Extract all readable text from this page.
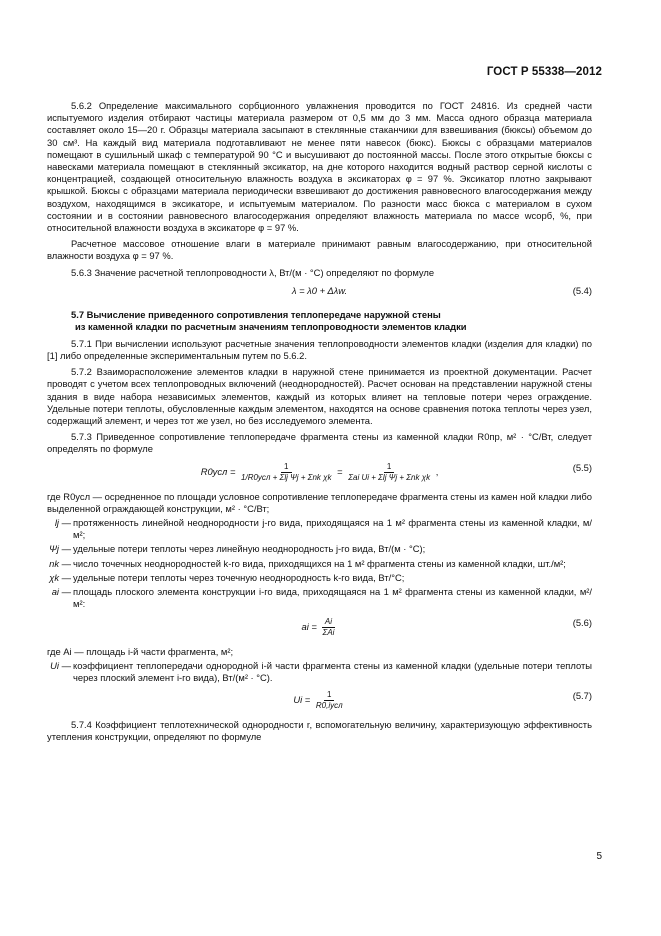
ГОСТ Р 55338—2012

5.6.2 Определение максимального сорбционного увлажнения проводится по ГОСТ 24816. Из средней части испытуемого изделия отбирают частицы материала размером от 0,5 мм до 3 мм. Масса одного образца материала составляет около 15—20 г. Образцы материала засыпают в стеклянные стаканчики для взвешивания (бюксы) объемом до 30 см³. На каждый вид материала подготавливают не менее пяти навесок (бюкс). Бюксы с образцами материалов помещают в сушильный шкаф с температурой 90 °С и высушивают до постоянной массы. После этого открытые бюксы с навесками материала помещают в стеклянный эксикатор, на дне которого находится водный раствор серной кислоты с концентрацией, создающей относительную влажность воздуха в эксикаторах φ = 97 %. Эксикатор плотно закрывают крышкой. Бюксы с образцами материала периодически взвешивают до достижения равновесного влагосодержания между воздухом, находящимся в эксикаторе, и испытуемым материалом. По разности масс бюкса с материалом в сухом состоянии и в состоянии равновесного влагосодержания определяют влажность материала по массе wсорб, %, при относительной влажности воздуха в эксикаторе φ = 97 %.

Расчетное массовое отношение влаги в материале принимают равным влагосодержанию, при относительной влажности воздуха φ = 97 %.

5.6.3 Значение расчетной теплопроводности λ, Вт/(м · °С) определяют по формуле

λ = λ0 + Δλw.	(5.4)
5.7 Вычисление приведенного сопротивления теплопередаче наружной стены
из каменной кладки по расчетным значениям теплопроводности элементов кладки

5.7.1 При вычислении используют расчетные значения теплопроводности элементов кладки (изделия для кладки) по [1] либо определенные экспериментальным путем по 5.6.2.

5.7.2 Взаиморасположение элементов кладки в наружной стене принимается из проектной документации. Расчет проводят с учетом всех теплопроводных включений (неоднородностей). Расчет основан на представлении наружной стены здания в виде набора независимых элементов, каждый из которых влияет на тепловые потери через ограждение. Удельные потери теплоты, обусловленные каждым элементом, находятся на основе сравнения потока теплоты через узел, содержащий элемент, и через тот же узел, но без исследуемого элемента.

5.7.3 Приведенное сопротивление теплопередаче фрагмента стены из каменной кладки R0пр, м² · °С/Вт, следует определять по формуле

$R0усл = \frac{1}{\text{1/R0усл + Σlj Ψj + Σnk χk}} = \frac{1}{\text{Σai Ui + Σlj Ψj + Σnk χk}}$ ,	(5.5)
где R0усл — осредненное по площади условное сопротивление теплопередаче фрагмента стены из камен ной кладки либо выделенной ограждающей конструкции, м² · °С/Вт;
lj — протяженность линейной неоднородности j-го вида, приходящаяся на 1 м² фрагмента стены из каменной кладки, м/м²;
Ψj — удельные потери теплоты через линейную неоднородность j-го вида, Вт/(м · °С);
nk — число точечных неоднородностей k-го вида, приходящихся на 1 м² фрагмента стены из каменной кладки, шт./м²;
χk — удельные потери теплоты через точечную неоднородность k-го вида, Вт/°С;
ai — площадь плоского элемента конструкции i-го вида, приходящаяся на 1 м² фрагмента стены из каменной кладки, м²/м²:
ai = $\frac{Ai}{\text{ΣAi}}$	(5.6)
где Ai — площадь i-й части фрагмента, м²;
Ui — коэффициент теплопередачи однородной i-й части фрагмента стены из каменной кладки (удельные потери теплоты через плоский элемент i-го вида), Вт/(м² · °С).
$Ui = \frac{1}{\text{R0,iусл}}$	(5.7)

5.7.4 Коэффициент теплотехнической однородности r, вспомогательную величину, характеризующую эффективность утепления конструкции, определяют по формуле

5
